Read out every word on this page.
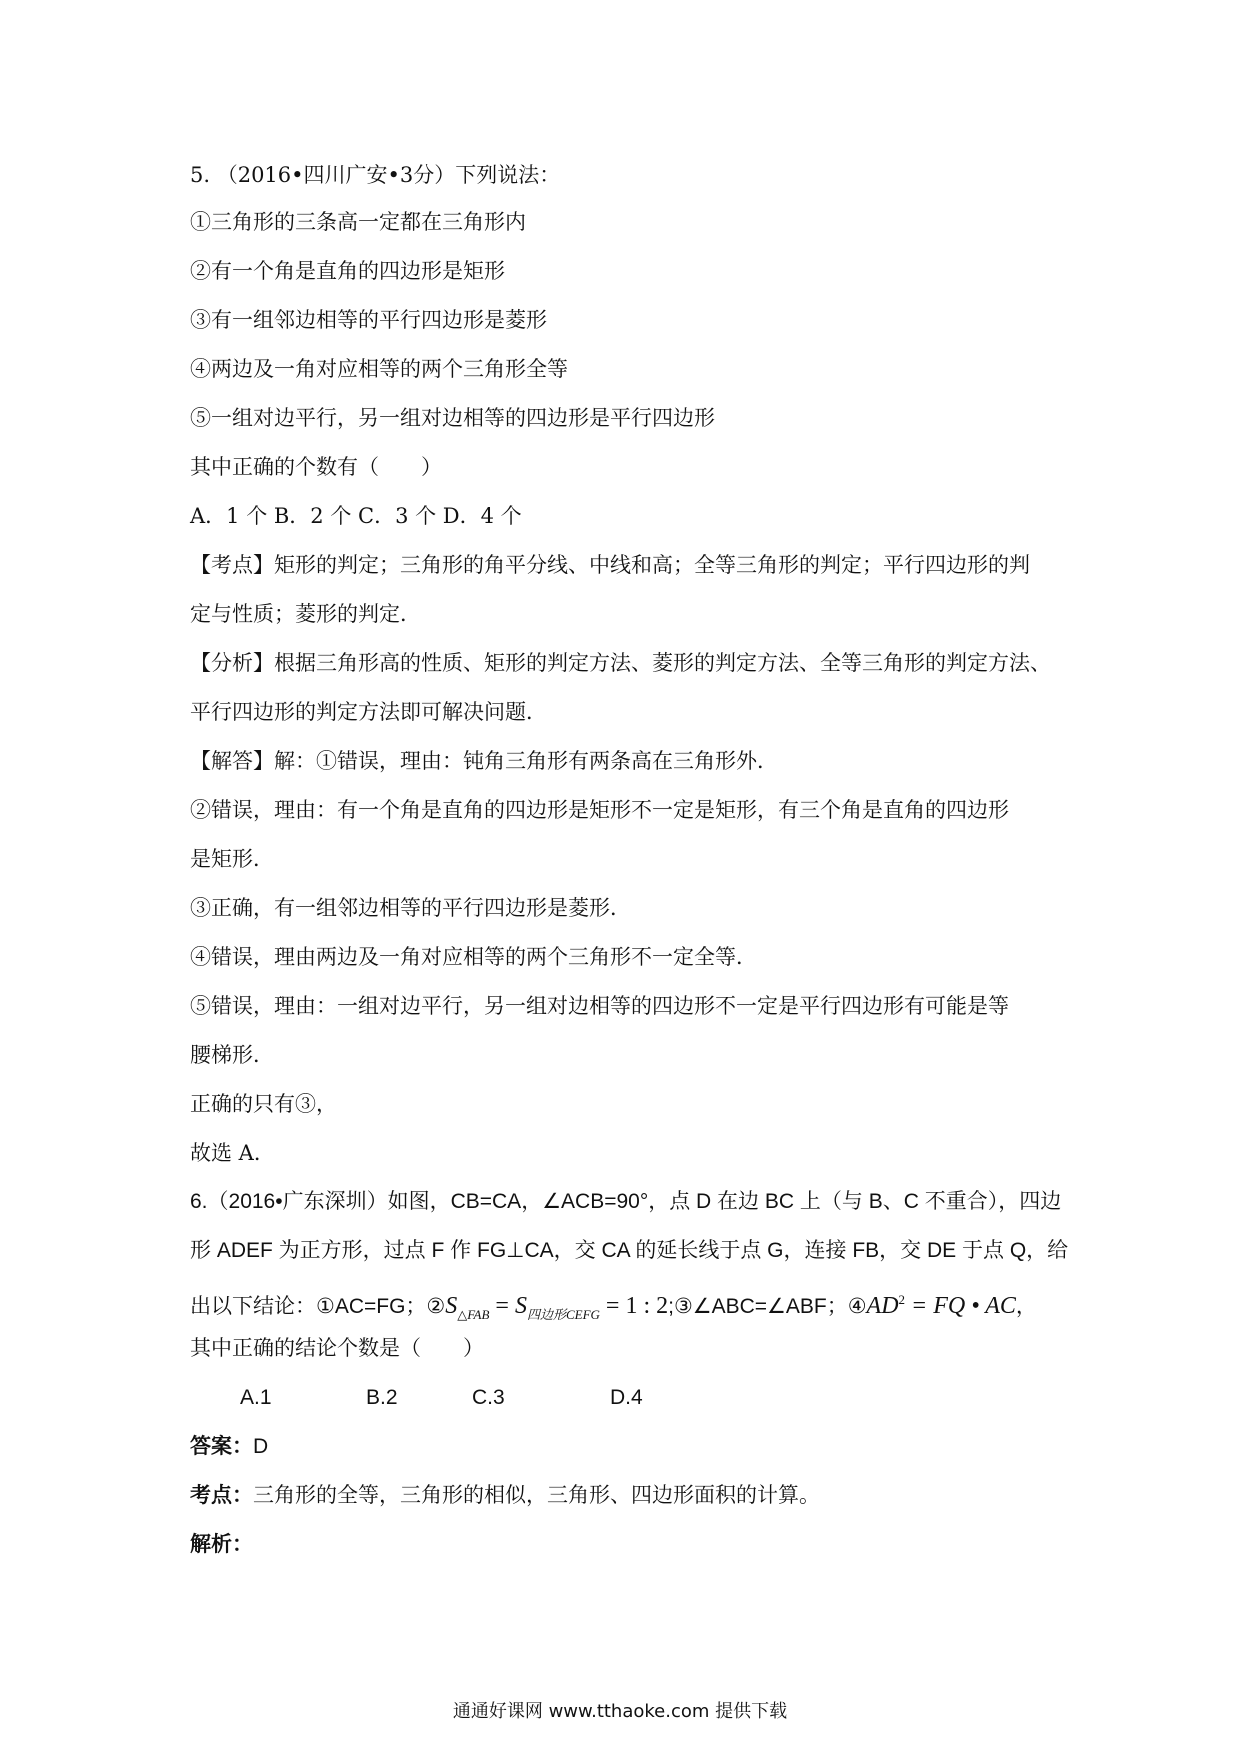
5. （2016•四川广安•3分）下列说法：
①三角形的三条高一定都在三角形内
②有一个角是直角的四边形是矩形
③有一组邻边相等的平行四边形是菱形
④两边及一角对应相等的两个三角形全等
⑤一组对边平行，另一组对边相等的四边形是平行四边形
其中正确的个数有（　　）
A．1 个 B．2 个 C．3 个 D．4 个
【考点】矩形的判定；三角形的角平分线、中线和高；全等三角形的判定；平行四边形的判
定与性质；菱形的判定．
【分析】根据三角形高的性质、矩形的判定方法、菱形的判定方法、全等三角形的判定方法、
平行四边形的判定方法即可解决问题．
【解答】解：①错误，理由：钝角三角形有两条高在三角形外．
②错误，理由：有一个角是直角的四边形是矩形不一定是矩形，有三个角是直角的四边形
是矩形．
③正确，有一组邻边相等的平行四边形是菱形．
④错误，理由两边及一角对应相等的两个三角形不一定全等．
⑤错误，理由：一组对边平行，另一组对边相等的四边形不一定是平行四边形有可能是等
腰梯形．
正确的只有③，
故选 A．
6.（2016•广东深圳）如图，CB=CA，∠ACB=90°，点 D 在边 BC 上（与 B、C 不重合），四边
形 ADEF 为正方形，过点 F 作 FG⊥CA，交 CA 的延长线于点 G，连接 FB，交 DE 于点 Q，给
出以下结论：①AC=FG；$②S_{\triangle FAB} = S_{四边形CEFG} = 1$ : 2;③∠ABC=∠ABF；$④AD^2$ = FQ • AC，
其中正确的结论个数是（　　）
A.1	B.2	C.3	D.4
答案：D
考点：三角形的全等，三角形的相似，三角形、四边形面积的计算。
解析：
通通好课网 www.tthaoke.com 提供下载
